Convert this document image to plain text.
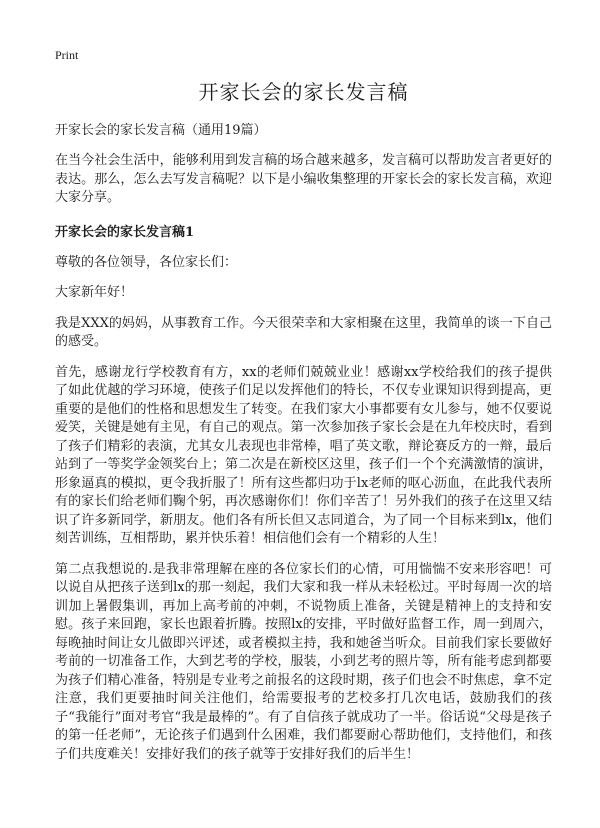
Print
开家长会的家长发言稿
开家长会的家长发言稿（通用19篇）

在当今社会生活中，能够利用到发言稿的场合越来越多，发言稿可以帮助发言者更好的表达。那么，怎么去写发言稿呢？以下是小编收集整理的开家长会的家长发言稿，欢迎大家分享。

开家长会的家长发言稿1

尊敬的各位领导，各位家长们：

大家新年好！

我是XXX的妈妈，从事教育工作。今天很荣幸和大家相聚在这里，我简单的谈一下自己的感受。

首先，感谢龙行学校教育有方，xx的老师们兢兢业业！感谢xx学校给我们的孩子提供了如此优越的学习环境，使孩子们足以发挥他们的特长，不仅专业课知识得到提高，更重要的是他们的性格和思想发生了转变。在我们家大小事都要有女儿参与，她不仅要说爱笑，关键是她有主见，有自己的观点。第一次参加孩子家长会是在九年校庆时，看到了孩子们精彩的表演，尤其女儿表现也非常棒，唱了英文歌，辩论赛反方的一辩，最后站到了一等奖学金领奖台上；第二次是在新校区这里，孩子们一个个充满激情的演讲，形象逼真的模拟，更令我折服了！所有这些都归功于lx老师的呕心沥血，在此我代表所有的家长们给老师们鞠个躬，再次感谢你们！你们辛苦了！另外我们的孩子在这里又结识了许多新同学，新朋友。他们各有所长但又志同道合，为了同一个目标来到lx，他们刻苦训练，互相帮助，累并快乐着！相信他们会有一个精彩的人生！

第二点我想说的.是我非常理解在座的各位家长们的心情，可用惴惴不安来形容吧！可以说自从把孩子送到lx的那一刻起，我们大家和我一样从未轻松过。平时每周一次的培训加上暑假集训，再加上高考前的冲刺，不说物质上准备，关键是精神上的支持和安慰。孩子来回跑，家长也跟着折腾。按照lx的安排，平时做好监督工作，周一到周六，每晚抽时间让女儿做即兴评述，或者模拟主持，我和她爸当听众。目前我们家长要做好考前的一切准备工作，大到艺考的学校，服装，小到艺考的照片等，所有能考虑到都要为孩子们精心准备，特别是专业考之前报名的这段时期，孩子们也会不时焦虑，拿不定注意，我们更要抽时间关注他们，给需要报考的艺校多打几次电话，鼓励我们的孩子“我能行”面对考官“我是最棒的”。有了自信孩子就成功了一半。俗话说“父母是孩子的第一任老师”，无论孩子们遇到什么困难，我们都要耐心帮助他们，支持他们，和孩子们共度难关！安排好我们的孩子就等于安排好我们的后半生！
